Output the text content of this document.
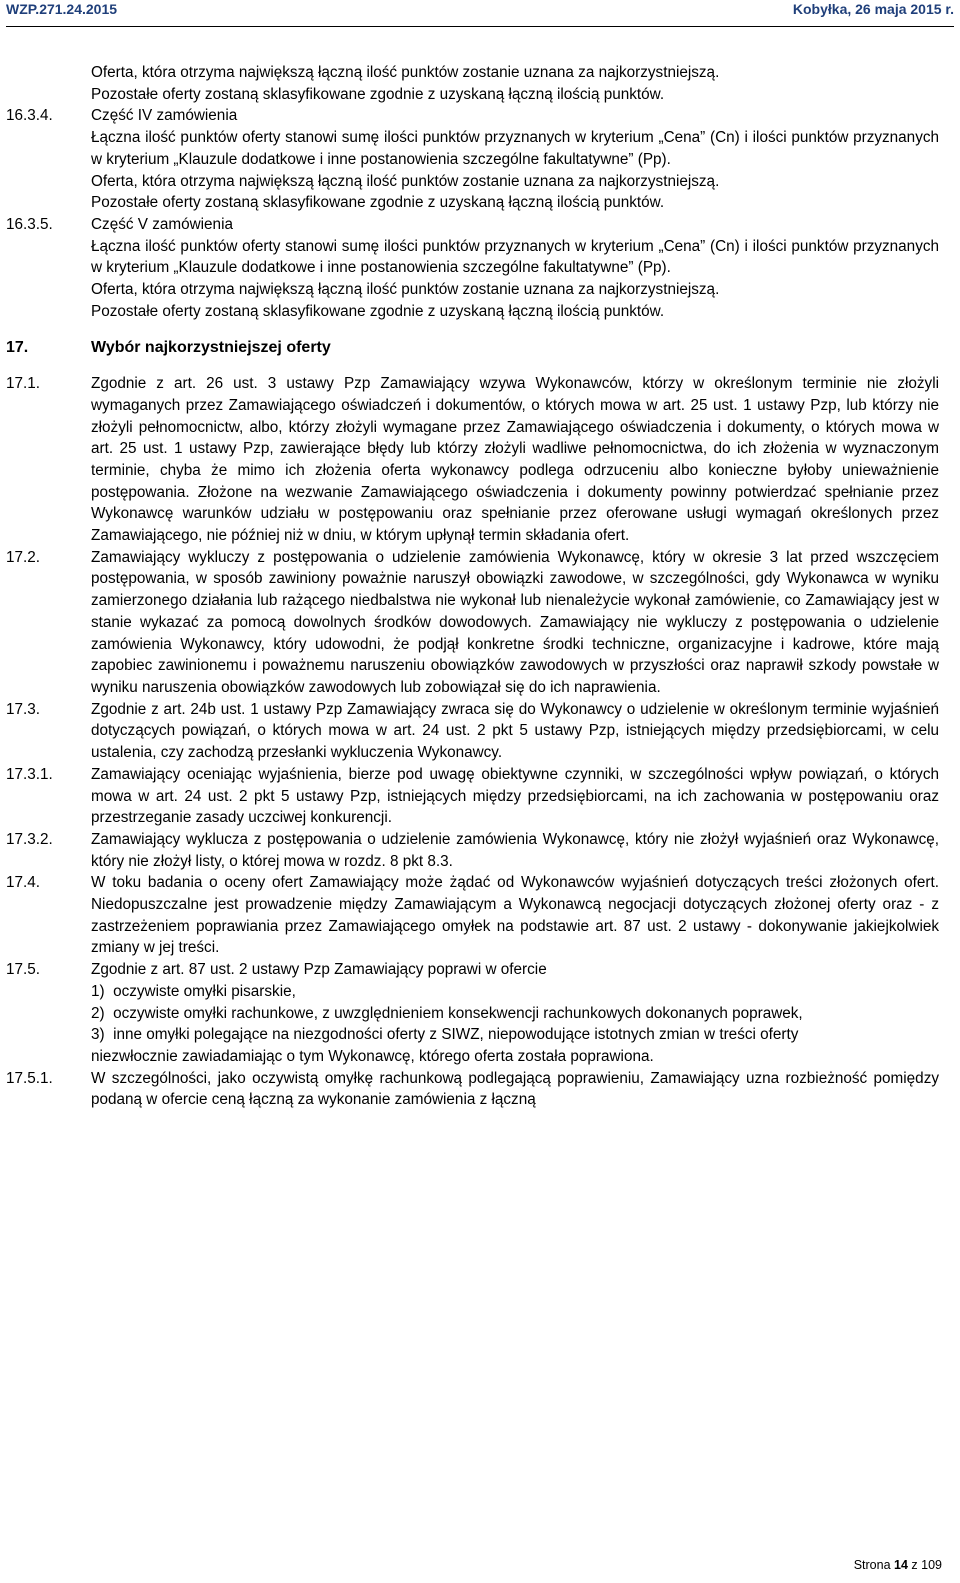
WZP.271.24.2015	Kobyłka, 26 maja 2015 r.

Oferta, która otrzyma największą łączną ilość punktów zostanie uznana za najkorzystniejszą.

Pozostałe oferty zostaną sklasyfikowane zgodnie z uzyskaną łączną ilością punktów.

16.3.4.	Część IV zamówienia

Łączna ilość punktów oferty stanowi sumę ilości punktów przyznanych w kryterium „Cena” (Cn) i ilości punktów przyznanych w kryterium „Klauzule dodatkowe i inne postanowienia szczególne fakultatywne” (Pp).

Oferta, która otrzyma największą łączną ilość punktów zostanie uznana za najkorzystniejszą.

Pozostałe oferty zostaną sklasyfikowane zgodnie z uzyskaną łączną ilością punktów.

16.3.5.	Część V zamówienia

Łączna ilość punktów oferty stanowi sumę ilości punktów przyznanych w kryterium „Cena” (Cn) i ilości punktów przyznanych w kryterium „Klauzule dodatkowe i inne postanowienia szczególne fakultatywne” (Pp).

Oferta, która otrzyma największą łączną ilość punktów zostanie uznana za najkorzystniejszą.

Pozostałe oferty zostaną sklasyfikowane zgodnie z uzyskaną łączną ilością punktów.

17.	Wybór najkorzystniejszej oferty
17.1.	Zgodnie z art. 26 ust. 3 ustawy Pzp Zamawiający wzywa Wykonawców, którzy w określonym terminie nie złożyli wymaganych przez Zamawiającego oświadczeń i dokumentów, o których mowa w art. 25 ust. 1 ustawy Pzp, lub którzy nie złożyli pełnomocnictw, albo, którzy złożyli wymagane przez Zamawiającego oświadczenia i dokumenty, o których mowa w art. 25 ust. 1 ustawy Pzp, zawierające błędy lub którzy złożyli wadliwe pełnomocnictwa, do ich złożenia w wyznaczonym terminie, chyba że mimo ich złożenia oferta wykonawcy podlega odrzuceniu albo konieczne byłoby unieważnienie postępowania. Złożone na wezwanie Zamawiającego oświadczenia i dokumenty powinny potwierdzać spełnianie przez Wykonawcę warunków udziału w postępowaniu oraz spełnianie przez oferowane usługi wymagań określonych przez Zamawiającego, nie później niż w dniu, w którym upłynął termin składania ofert.
17.2.	Zamawiający wykluczy z postępowania o udzielenie zamówienia Wykonawcę, który w okresie 3 lat przed wszczęciem postępowania, w sposób zawiniony poważnie naruszył obowiązki zawodowe, w szczególności, gdy Wykonawca w wyniku zamierzonego działania lub rażącego niedbalstwa nie wykonał lub nienależycie wykonał zamówienie, co Zamawiający jest w stanie wykazać za pomocą dowolnych środków dowodowych. Zamawiający nie wykluczy z postępowania o udzielenie zamówienia Wykonawcy, który udowodni, że podjął konkretne środki techniczne, organizacyjne i kadrowe, które mają zapobiec zawinionemu i poważnemu naruszeniu obowiązków zawodowych w przyszłości oraz naprawił szkody powstałe w wyniku naruszenia obowiązków zawodowych lub zobowiązał się do ich naprawienia.
17.3.	Zgodnie z art. 24b ust. 1 ustawy Pzp Zamawiający zwraca się do Wykonawcy o udzielenie w określonym terminie wyjaśnień dotyczących powiązań, o których mowa w art. 24 ust. 2 pkt 5 ustawy Pzp, istniejących między przedsiębiorcami, w celu ustalenia, czy zachodzą przesłanki wykluczenia Wykonawcy.
17.3.1.	Zamawiający oceniając wyjaśnienia, bierze pod uwagę obiektywne czynniki, w szczególności wpływ powiązań, o których mowa w art. 24 ust. 2 pkt 5 ustawy Pzp, istniejących między przedsiębiorcami, na ich zachowania w postępowaniu oraz przestrzeganie zasady uczciwej konkurencji.
17.3.2.	Zamawiający wyklucza z postępowania o udzielenie zamówienia Wykonawcę, który nie złożył wyjaśnień oraz Wykonawcę, który nie złożył listy, o której mowa w rozdz. 8 pkt 8.3.
17.4.	W toku badania o oceny ofert Zamawiający może żądać od Wykonawców wyjaśnień dotyczących treści złożonych ofert. Niedopuszczalne jest prowadzenie między Zamawiającym a Wykonawcą negocjacji dotyczących złożonej oferty oraz - z zastrzeżeniem poprawiania przez Zamawiającego omyłek na podstawie art. 87 ust. 2 ustawy - dokonywanie jakiejkolwiek zmiany w jej treści.
17.5.	Zgodnie z art. 87 ust. 2 ustawy Pzp Zamawiający poprawi w ofercie

1)  oczywiste omyłki pisarskie,

2)  oczywiste omyłki rachunkowe, z uwzględnieniem konsekwencji rachunkowych dokonanych poprawek,

3)  inne omyłki polegające na niezgodności oferty z SIWZ, niepowodujące istotnych zmian w treści oferty

niezwłocznie zawiadamiając o tym Wykonawcę, którego oferta została poprawiona.

17.5.1.	W szczególności, jako oczywistą omyłkę rachunkową podlegającą poprawieniu, Zamawiający uzna rozbieżność pomiędzy podaną w ofercie ceną łączną za wykonanie zamówienia z łączną
Strona 14 z 109
